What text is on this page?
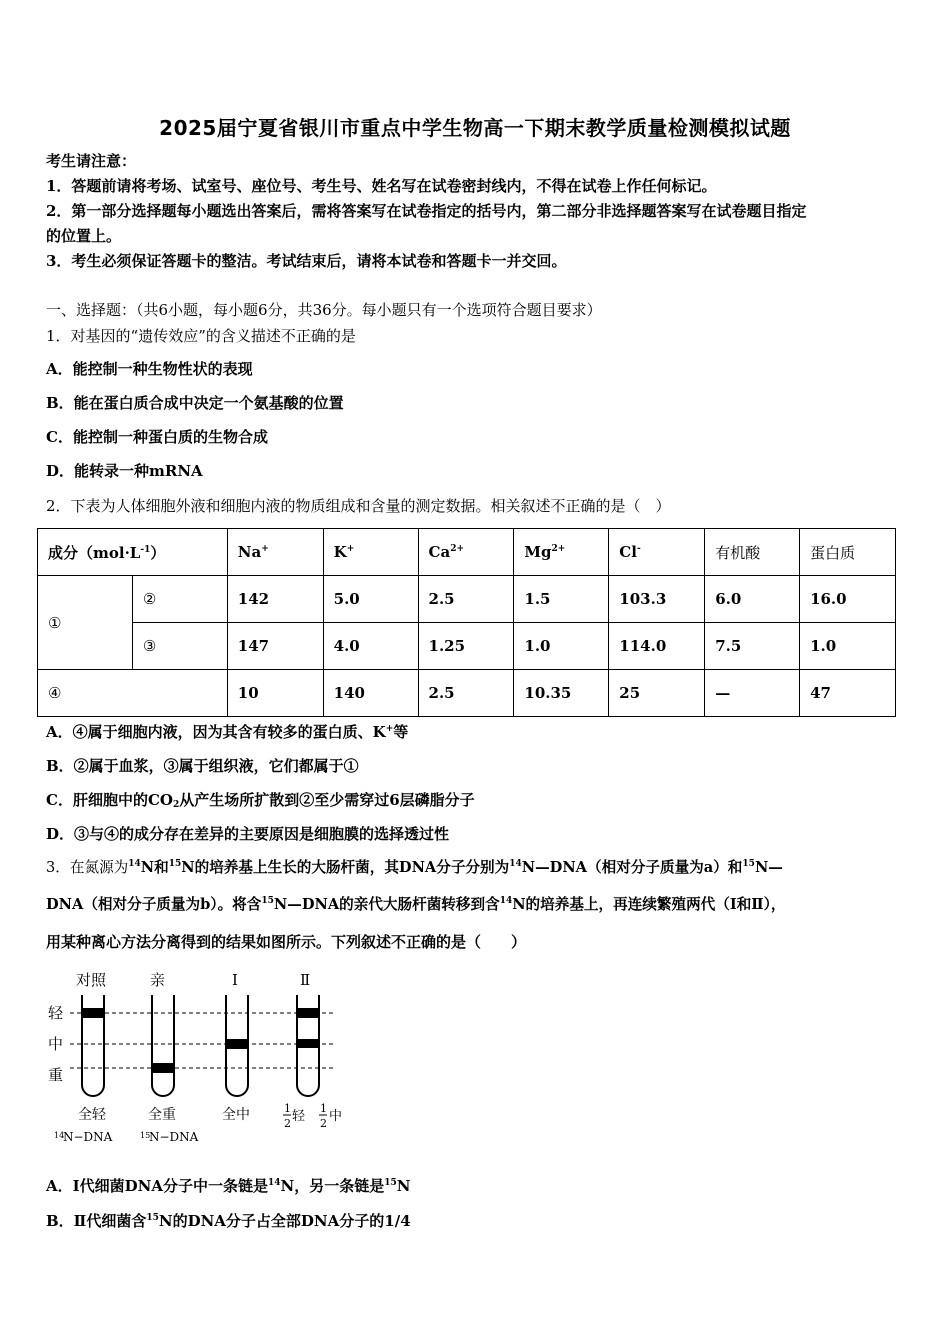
2025届宁夏省银川市重点中学生物高一下期末教学质量检测模拟试题
考生请注意：
1．答题前请将考场、试室号、座位号、考生号、姓名写在试卷密封线内，不得在试卷上作任何标记。
2．第一部分选择题每小题选出答案后，需将答案写在试卷指定的括号内，第二部分非选择题答案写在试卷题目指定
的位置上。
3．考生必须保证答题卡的整洁。考试结束后，请将本试卷和答题卡一并交回。
一、选择题：（共6小题，每小题6分，共36分。每小题只有一个选项符合题目要求）
1．对基因的“遗传效应”的含义描述不正确的是
A．能控制一种生物性状的表现
B．能在蛋白质合成中决定一个氨基酸的位置
C．能控制一种蛋白质的生物合成
D．能转录一种mRNA
2．下表为人体细胞外液和细胞内液的物质组成和含量的测定数据。相关叙述不正确的是（　）
成分$(mol\cdot L^{-1})$		Na+	K+	$Ca^{2+}$	$Mg^{2+}$	Cl-	有机酸	蛋白质
①	②	142	5.0	2.5	1.5	103.3	6.0	16.0
	③	147	4.0	1.25	1.0	114.0	7.5	1.0
④		10	140	2.5	10.35	25	—	47
A．④属于细胞内液，因为其含有较多的蛋白质、K+等
B．②属于血浆，③属于组织液，它们都属于①
C．肝细胞中的$CO_2$从产生场所扩散到②至少需穿过6层磷脂分子
D．③与④的成分存在差异的主要原因是细胞膜的选择透过性
3．在氮源为$^{14}$N和$^{15}$N的培养基上生长的大肠杆菌，其DNA分子分别为$^{14}$N—DNA（相对分子质量为a）和$^{15}$N—
DNA（相对分子质量为b）。将含$^{15}$N—DNA的亲代大肠杆菌转移到含$^{14}$N的培养基上，再连续繁殖两代（Ⅰ和Ⅱ），
用某种离心方法分离得到的结果如图所示。下列叙述不正确的是（　　）
对照	亲	Ⅰ	Ⅱ
轻
中
重
全轻	全重	全中	1
2 轻
1
2 中
14
N−DNA	15
N−DNA
A．Ⅰ代细菌DNA分子中一条链是$^{14}$N，另一条链是$^{15}$N
B．Ⅱ代细菌含$^{15}$N的DNA分子占全部DNA分子的1/4
